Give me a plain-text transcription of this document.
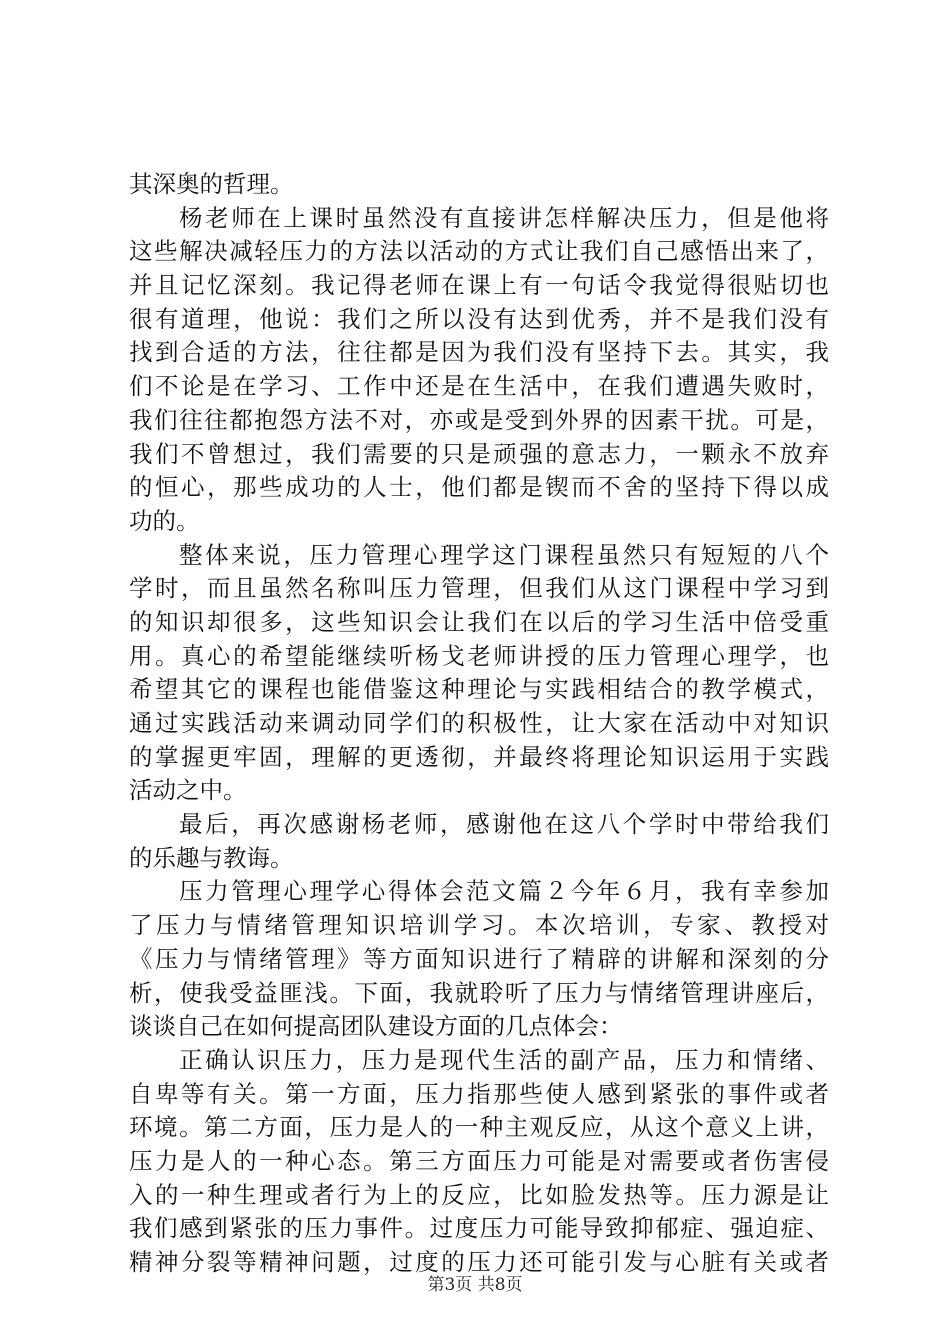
其深奥的哲理。
杨老师在上课时虽然没有直接讲怎样解决压力，但是他将
这些解决减轻压力的方法以活动的方式让我们自己感悟出来了，
并且记忆深刻。我记得老师在课上有一句话令我觉得很贴切也
很有道理，他说：我们之所以没有达到优秀，并不是我们没有
找到合适的方法，往往都是因为我们没有坚持下去。其实，我
们不论是在学习、工作中还是在生活中，在我们遭遇失败时，
我们往往都抱怨方法不对，亦或是受到外界的因素干扰。可是，
我们不曾想过，我们需要的只是顽强的意志力，一颗永不放弃
的恒心，那些成功的人士，他们都是锲而不舍的坚持下得以成
功的。
整体来说，压力管理心理学这门课程虽然只有短短的八个
学时，而且虽然名称叫压力管理，但我们从这门课程中学习到
的知识却很多，这些知识会让我们在以后的学习生活中倍受重
用。真心的希望能继续听杨戈老师讲授的压力管理心理学，也
希望其它的课程也能借鉴这种理论与实践相结合的教学模式，
通过实践活动来调动同学们的积极性，让大家在活动中对知识
的掌握更牢固，理解的更透彻，并最终将理论知识运用于实践
活动之中。
最后，再次感谢杨老师，感谢他在这八个学时中带给我们
的乐趣与教诲。
压力管理心理学心得体会范文篇２今年６月，我有幸参加
了压力与情绪管理知识培训学习。本次培训，专家、教授对
《压力与情绪管理》等方面知识进行了精辟的讲解和深刻的分
析，使我受益匪浅。下面，我就聆听了压力与情绪管理讲座后，
谈谈自己在如何提高团队建设方面的几点体会：
正确认识压力，压力是现代生活的副产品，压力和情绪、
自卑等有关。第一方面，压力指那些使人感到紧张的事件或者
环境。第二方面，压力是人的一种主观反应，从这个意义上讲，
压力是人的一种心态。第三方面压力可能是对需要或者伤害侵
入的一种生理或者行为上的反应，比如脸发热等。压力源是让
我们感到紧张的压力事件。过度压力可能导致抑郁症、强迫症、
精神分裂等精神问题，过度的压力还可能引发与心脏有关或者
第3页 共8页
